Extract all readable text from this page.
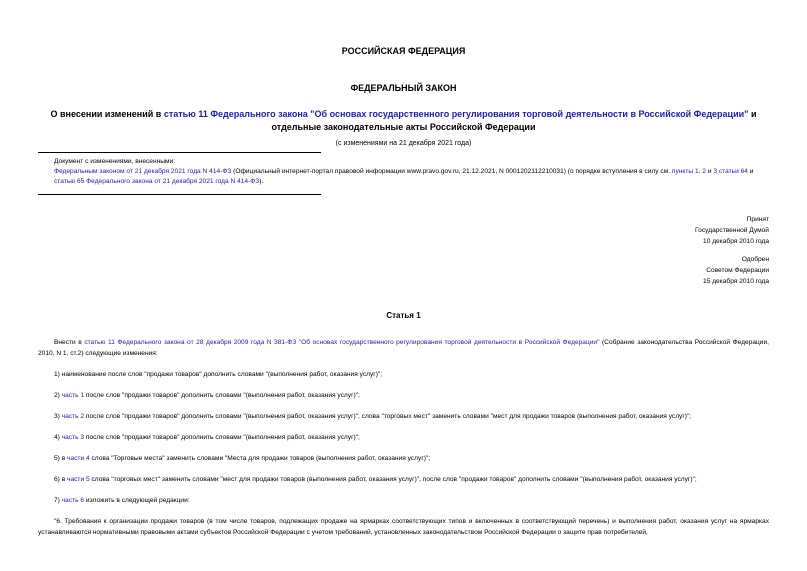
РОССИЙСКАЯ ФЕДЕРАЦИЯ
ФЕДЕРАЛЬНЫЙ ЗАКОН
О внесении изменений в статью 11 Федерального закона "Об основах государственного регулирования торговой деятельности в Российской Федерации" и отдельные законодательные акты Российской Федерации
(с изменениями на 21 декабря 2021 года)
Документ с изменениями, внесенными:
Федеральным законом от 21 декабря 2021 года N 414-ФЗ (Официальный интернет-портал правовой информации www.pravo.gov.ru, 21.12.2021, N 0001202112210031) (о порядке вступления в силу см. пункты 1, 2 и 3 статьи 64 и статью 65 Федерального закона от 21 декабря 2021 года N 414-ФЗ).
Принят
Государственной Думой
10 декабря 2010 года
Одобрен
Советом Федерации
15 декабря 2010 года
Статья 1
Внести в статью 11 Федерального закона от 28 декабря 2009 года N 381-ФЗ "Об основах государственного регулирования торговой деятельности в Российской Федерации" (Собрание законодательства Российской Федерации, 2010, N 1, ст.2) следующие изменения:
1) наименование после слов "продажи товаров" дополнить словами "(выполнения работ, оказания услуг)";
2) часть 1 после слов "продажи товаров" дополнить словами "(выполнения работ, оказания услуг)";
3) часть 2 после слов "продажи товаров" дополнить словами "(выполнения работ, оказания услуг)", слова "торговых мест" заменить словами "мест для продажи товаров (выполнения работ, оказания услуг)";
4) часть 3 после слов "продажи товаров" дополнить словами "(выполнения работ, оказания услуг)";
5) в части 4 слова "Торговые места" заменить словами "Места для продажи товаров (выполнения работ, оказания услуг)";
6) в части 5 слова "торговых мест" заменить словами "мест для продажи товаров (выполнения работ, оказания услуг)", после слов "продажи товаров" дополнить словами "(выполнения работ, оказания услуг)";
7) часть 6 изложить в следующей редакции:
"6. Требования к организации продажи товаров (в том числе товаров, подлежащих продаже на ярмарках соответствующих типов и включенных в соответствующий перечень) и выполнения работ, оказания услуг на ярмарках устанавливаются нормативными правовыми актами субъектов Российской Федерации с учетом требований, установленных законодательством Российской Федерации о защите прав потребителей,
